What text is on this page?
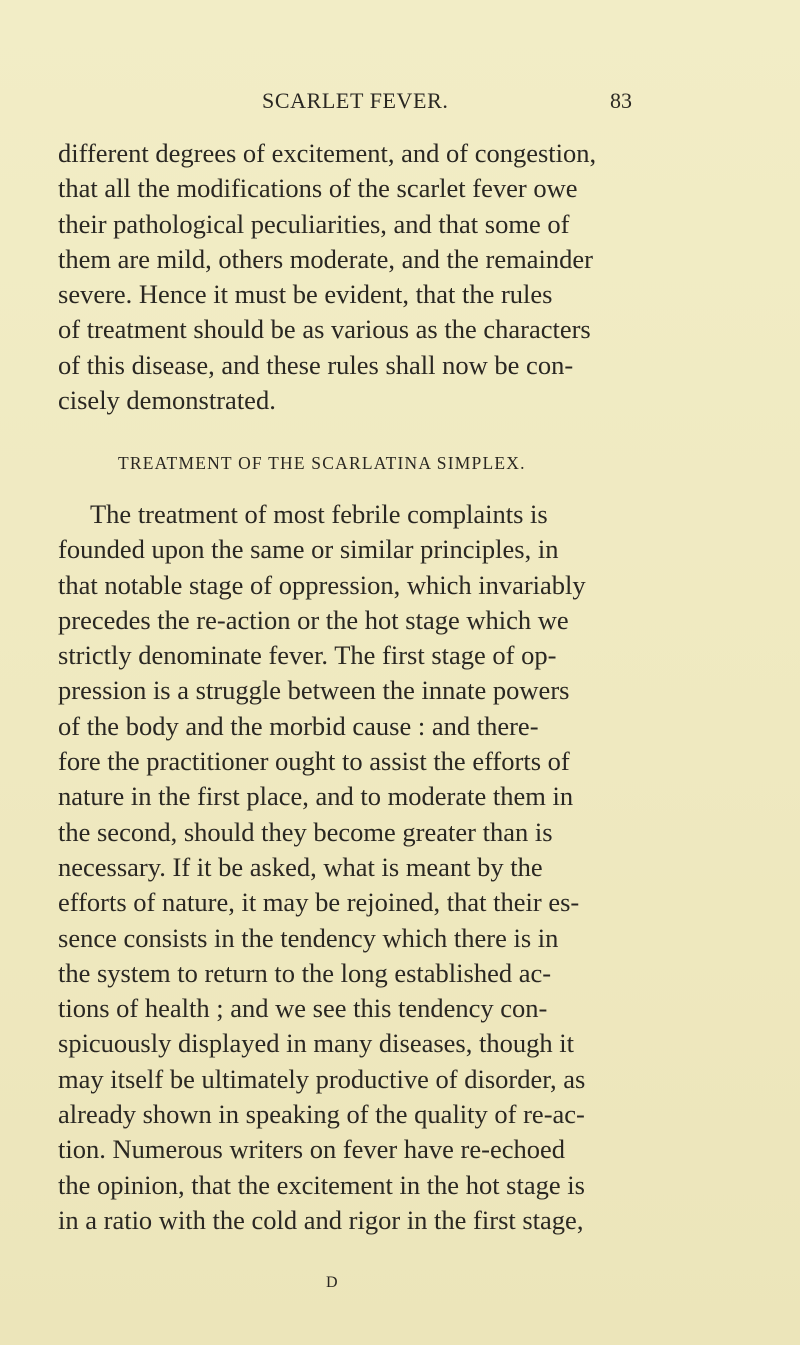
SCARLET FEVER.	83
different degrees of excitement, and of congestion,
that all the modifications of the scarlet fever owe
their pathological peculiarities, and that some of
them are mild, others moderate, and the remainder
severe. Hence it must be evident, that the rules
of treatment should be as various as the characters
of this disease, and these rules shall now be con-
cisely demonstrated.
TREATMENT OF THE SCARLATINA SIMPLEX.
The treatment of most febrile complaints is
founded upon the same or similar principles, in
that notable stage of oppression, which invariably
precedes the re-action or the hot stage which we
strictly denominate fever. The first stage of op-
pression is a struggle between the innate powers
of the body and the morbid cause : and there-
fore the practitioner ought to assist the efforts of
nature in the first place, and to moderate them in
the second, should they become greater than is
necessary. If it be asked, what is meant by the
efforts of nature, it may be rejoined, that their es-
sence consists in the tendency which there is in
the system to return to the long established ac-
tions of health ; and we see this tendency con-
spicuously displayed in many diseases, though it
may itself be ultimately productive of disorder, as
already shown in speaking of the quality of re-ac-
tion. Numerous writers on fever have re-echoed
the opinion, that the excitement in the hot stage is
in a ratio with the cold and rigor in the first stage,
D
